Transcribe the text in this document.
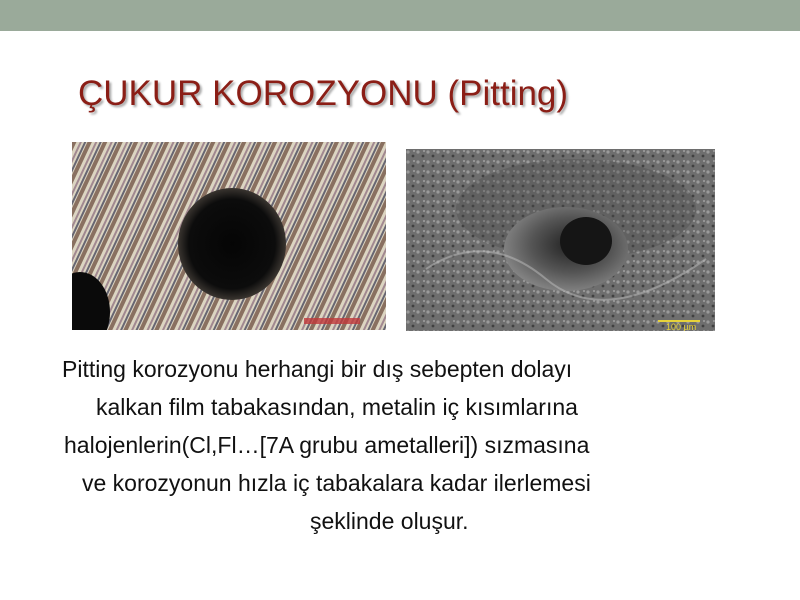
ÇUKUR KOROZYONU (Pitting)
100 µm

Pitting korozyonu herhangi bir dış sebepten dolayı
kalkan film tabakasından, metalin iç kısımlarına
halojenlerin(Cl,Fl…[7A grubu ametalleri]) sızmasına
ve korozyonun hızla iç tabakalara kadar ilerlemesi
şeklinde oluşur.
